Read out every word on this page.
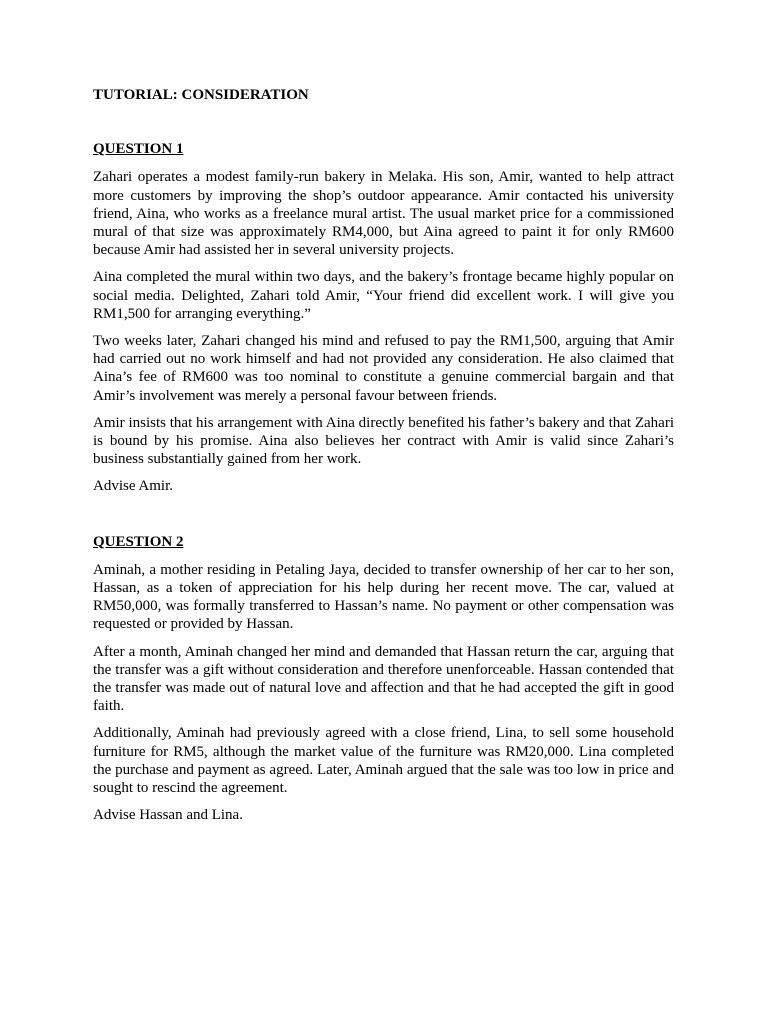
TUTORIAL: CONSIDERATION
QUESTION 1

Zahari operates a modest family-run bakery in Melaka. His son, Amir, wanted to help attract more customers by improving the shop’s outdoor appearance. Amir contacted his university friend, Aina, who works as a freelance mural artist. The usual market price for a commissioned mural of that size was approximately RM4,000, but Aina agreed to paint it for only RM600 because Amir had assisted her in several university projects.

Aina completed the mural within two days, and the bakery’s frontage became highly popular on social media. Delighted, Zahari told Amir, “Your friend did excellent work. I will give you RM1,500 for arranging everything.”

Two weeks later, Zahari changed his mind and refused to pay the RM1,500, arguing that Amir had carried out no work himself and had not provided any consideration. He also claimed that Aina’s fee of RM600 was too nominal to constitute a genuine commercial bargain and that Amir’s involvement was merely a personal favour between friends.

Amir insists that his arrangement with Aina directly benefited his father’s bakery and that Zahari is bound by his promise. Aina also believes her contract with Amir is valid since Zahari’s business substantially gained from her work.

Advise Amir.

QUESTION 2

Aminah, a mother residing in Petaling Jaya, decided to transfer ownership of her car to her son, Hassan, as a token of appreciation for his help during her recent move. The car, valued at RM50,000, was formally transferred to Hassan’s name. No payment or other compensation was requested or provided by Hassan.

After a month, Aminah changed her mind and demanded that Hassan return the car, arguing that the transfer was a gift without consideration and therefore unenforceable. Hassan contended that the transfer was made out of natural love and affection and that he had accepted the gift in good faith.

Additionally, Aminah had previously agreed with a close friend, Lina, to sell some household furniture for RM5, although the market value of the furniture was RM20,000. Lina completed the purchase and payment as agreed. Later, Aminah argued that the sale was too low in price and sought to rescind the agreement.

Advise Hassan and Lina.
